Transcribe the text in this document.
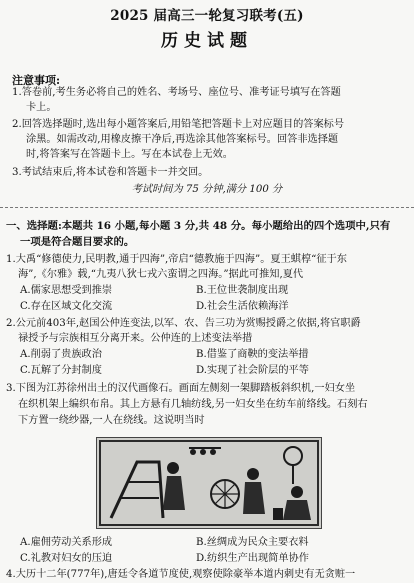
2025 届高三一轮复习联考(五)
历史试题
注意事项:
1.答卷前,考生务必将自己的姓名、考场号、座位号、准考证号填写在答题
卡上。
2.回答选择题时,选出每小题答案后,用铅笔把答题卡上对应题目的答案标号
涂黑。如需改动,用橡皮擦干净后,再选涂其他答案标号。回答非选择题
时,将答案写在答题卡上。写在本试卷上无效。
3.考试结束后,将本试卷和答题卡一并交回。
考试时间为 75 分钟,满分 100 分
一、选择题:本题共 16 小题,每小题 3 分,共 48 分。每小题给出的四个选项中,只有
一项是符合题目要求的。
1.大禹“修德使力,民明教,通于四海”,帝启“德教施于四海”。夏王蜞椁“征于东
海”,《尔雅》载,“九夷八狄七戎六蛮谓之四海。”据此可推知,夏代
A.儒家思想受到推崇	B.王位世袭制度出现
C.存在区域文化交流	D.社会生活依赖海洋
2.公元前403年,赵国公仲连变法,以军、农、告三功为赏赐授爵之依据,将官职爵
禄授予与宗族相互分离开来。公仲连的上述变法举措
A.削弱了贵族政治	B.借鉴了商鞅的变法举措
C.瓦解了分封制度	D.实现了社会阶层的平等
3.下图为江苏徐州出土的汉代画像石。画面左侧刻一架脚踏板斜织机,一妇女坐
在织机架上编织布帛。其上方悬有几轴纺线,另一妇女坐在纺车前络线。石刻右
下方置一绕纱器,一人在绕线。这说明当时
A.雇佣劳动关系形成	B.丝绸成为民众主要衣料
C.礼教对妇女的压迫	D.纺织生产出现简单协作
4.大历十二年(777年),唐廷令各道节度使,观察使除豪举本道内刺史有无贪赃一
